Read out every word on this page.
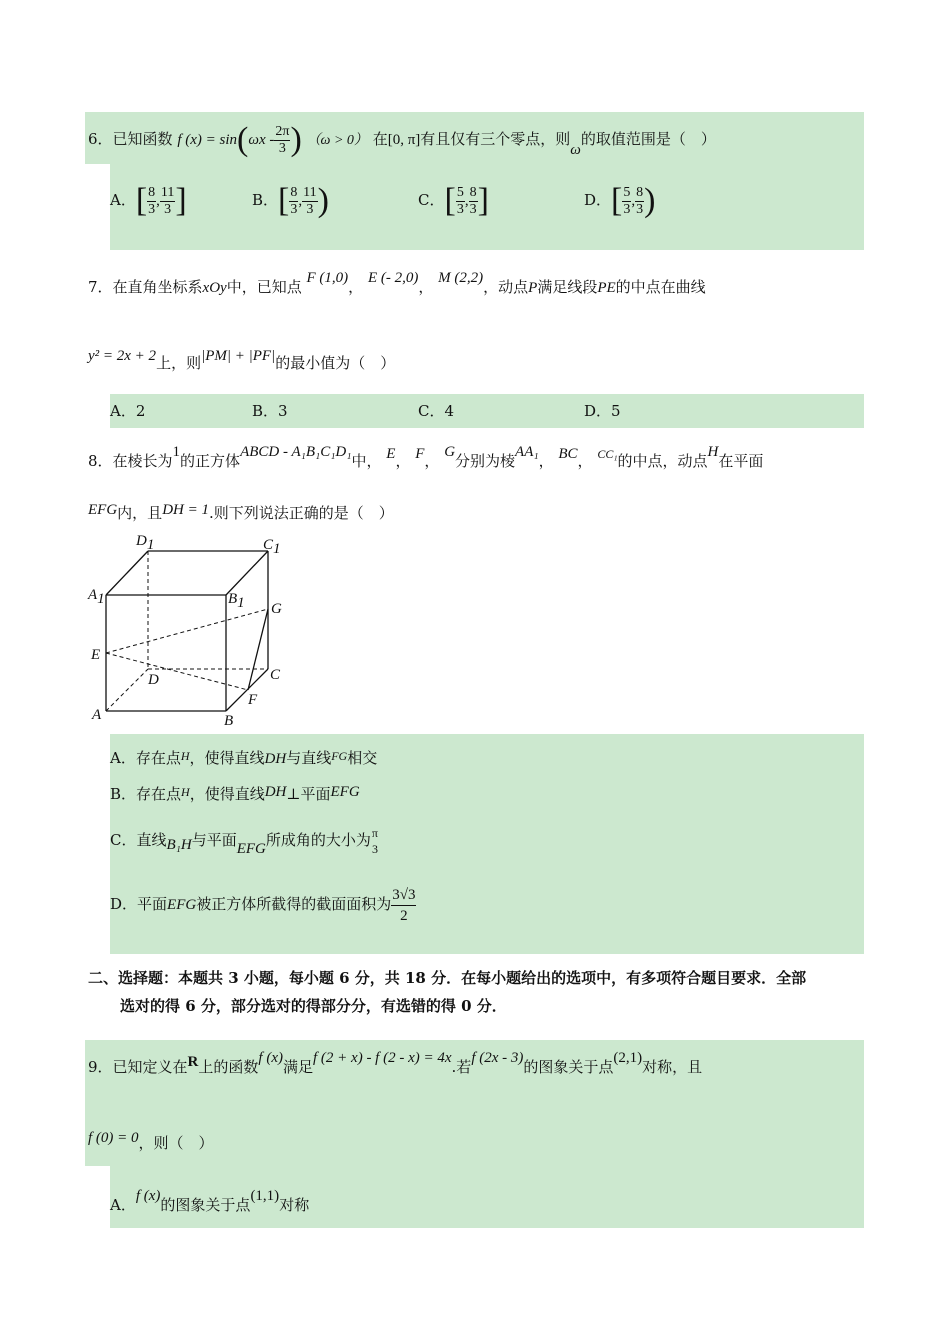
6．已知函数 f $(x) = \sin(\omega x - \frac{2\pi}{3}$ ) （ω > 0） 在[0, π]有且仅有三个零点，则ω的取值范围是（　）
A．[ $\frac{8}{3}$ , $\frac{11}{3}$ ]	B．[ $\frac{8}{3}$ , $\frac{11}{3}$ )	C．[ $\frac{5}{3}$ , $\frac{8}{3}$ ]	D．[ $\frac{5}{3}$ , $\frac{8}{3}$ )
7．在直角坐标系xOy中，已知点 F (1,0)， E (- 2,0)， M (2,2)，动点P满足线段PE的中点在曲线
y² = 2x + 2上，则|PM| + |PF|的最小值为（　）
A．2	B．3	C．4	D．5
8．在棱长为1的正方体ABCD - A₁B₁C₁D₁中， E， F， G分别为棱AA₁， BC， $^{CC_1}$的中点，动点H在平面
EFG内，且DH = 1.则下列说法正确的是（　）
D1	C1
A1	B1 G
E
D	C
F
A	B
A．存在点$^H$，使得直线DH与直线$^{FG}$相交
B．存在点$^H$，使得直线DH⊥平面EFG
C．直线B₁H与平面EFG所成角的大小为 π
3
D．平面EFG被正方体所截得的截面面积为 $\frac{3√3}{2}$
二、选择题：本题共 3 小题，每小题 6 分，共 18 分．在每小题给出的选项中，有多项符合题目要求．全部
选对的得 6 分，部分选对的得部分分，有选错的得 0 分．
9．已知定义在R上的函数f (x)满足f (2 + x) - f (2 - x) = 4x.若f (2x - 3)的图象关于点(2,1)对称，且
f (0) = 0，则（　）
A．f (x)的图象关于点(1,1)对称
